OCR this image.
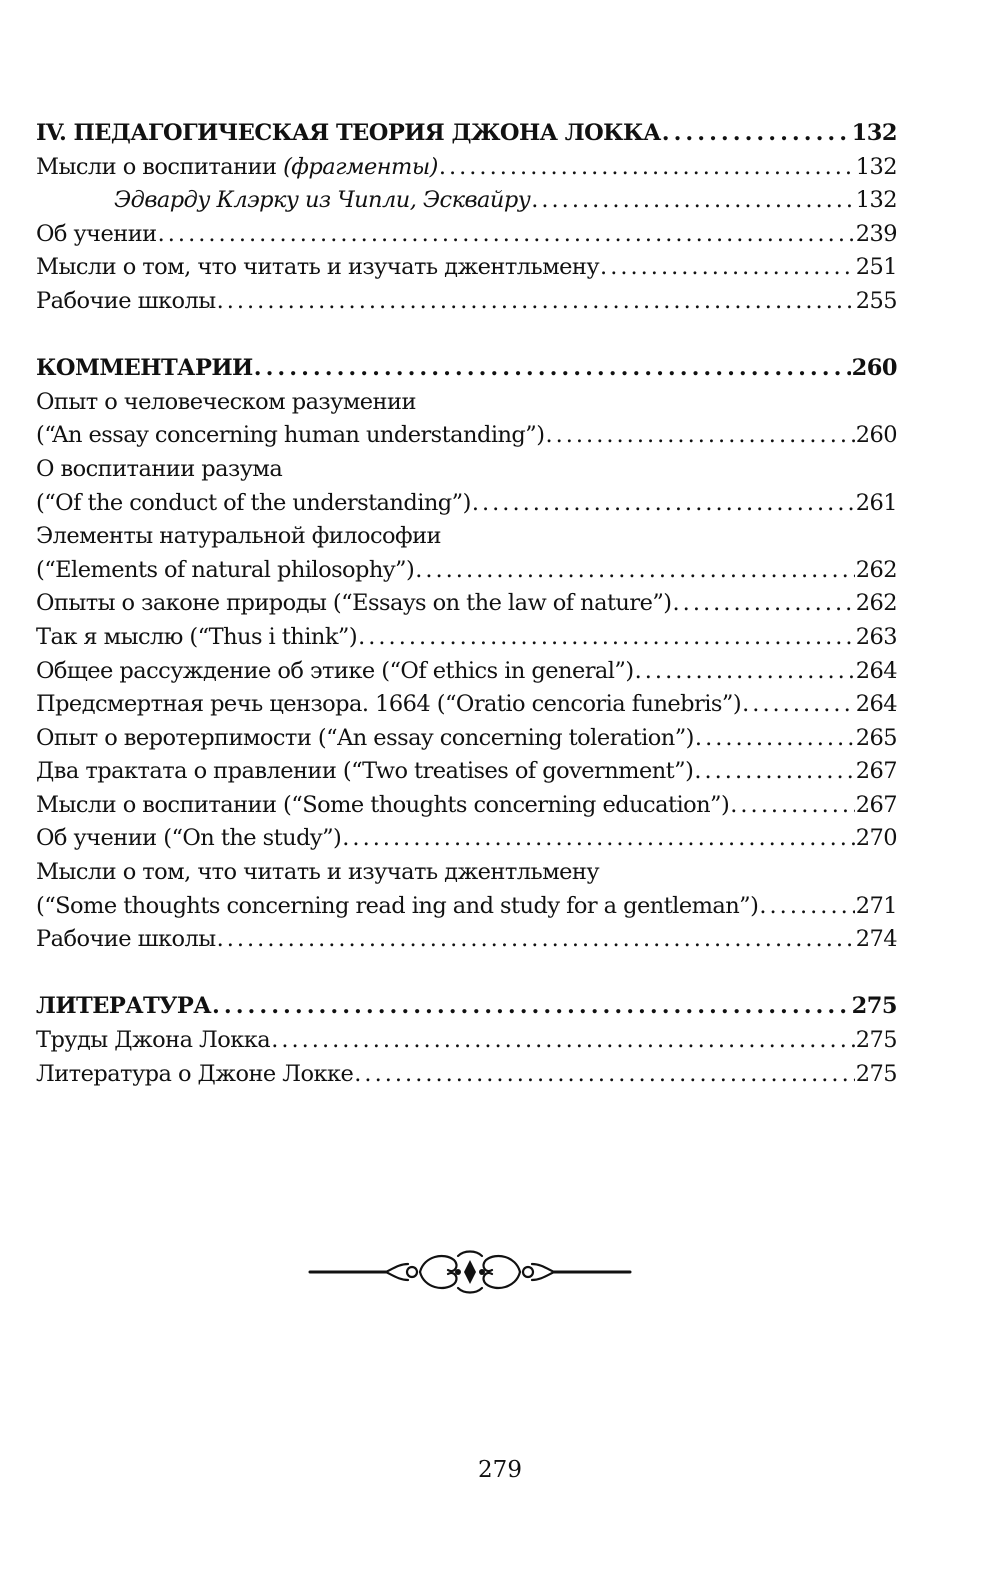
IV. ПЕДАГОГИЧЕСКАЯ ТЕОРИЯ ДЖОНА ЛОККА .....	132
Мысли о воспитании (фрагменты) .....	132
Эдварду Клэрку из Чипли, Эсквайру .....	132
Об учении .....	239
Мысли о том, что читать и изучать джентльмену .....	251
Рабочие школы .....	255
КОММЕНТАРИИ .....	260
Опыт о человеческом разумении
(“An essay concerning human understanding”) .....	260
О воспитании разума
(“Of the conduct of the understanding”) .....	261
Элементы натуральной философии
(“Elements of natural philosophy”) .....	262
Опыты о законе природы (“Essays on the law of nature”) .....	262
Так я мыслю (“Thus i think”) .....	263
Общее рассуждение об этике (“Of ethics in general”) .....	264
Предсмертная речь цензора. 1664 (“Oratio cencoria funebris”) .....	264
Опыт о веротерпимости (“An essay concerning toleration”) .....	265
Два трактата о правлении (“Two treatises of government”) .....	267
Мысли о воспитании (“Some thoughts concerning education”) .....	267
Об учении (“On the study”) .....	270
Мысли о том, что читать и изучать джентльмену
(“Some thoughts concerning read ing and study for a gentleman”) .....	271
Рабочие школы .....	274
ЛИТЕРАТУРА .....	275
Труды Джона Локка .....	275
Литература о Джоне Локке .....	275
279
